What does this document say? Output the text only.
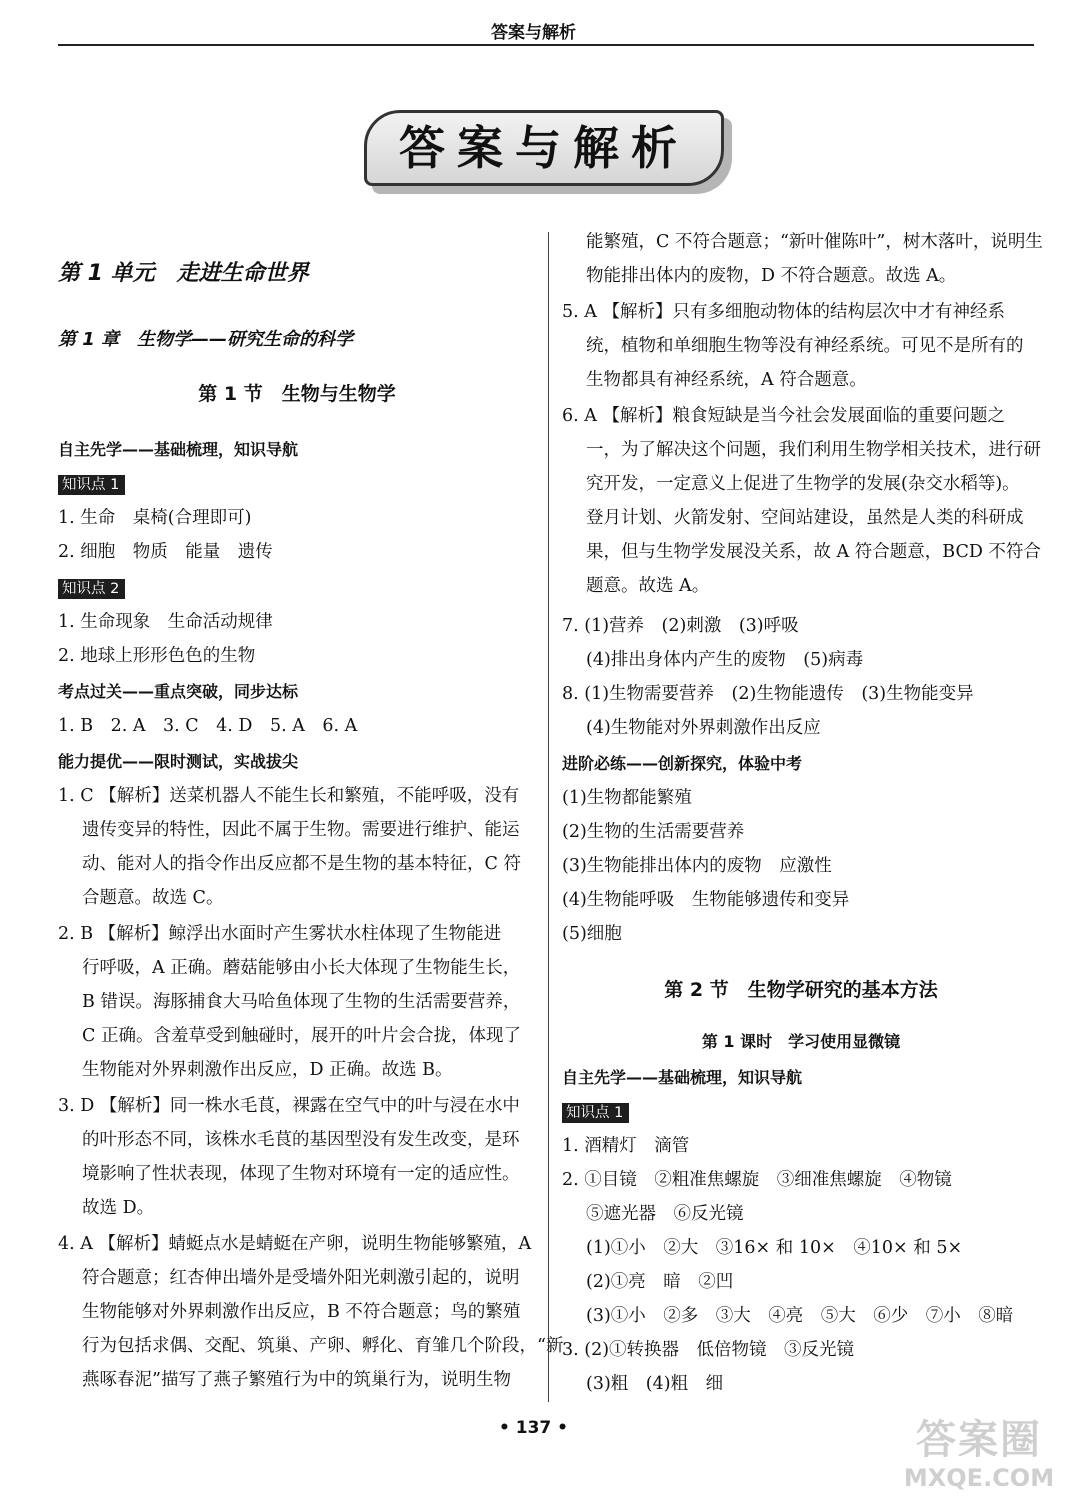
答案与解析
答案与解析
第 1 单元　走进生命世界
第 1 章　生物学——研究生命的科学
第 1 节　生物与生物学
自主先学——基础梳理，知识导航
知识点 1
1. 生命　桌椅(合理即可)
2. 细胞　物质　能量　遗传
知识点 2
1. 生命现象　生命活动规律
2. 地球上形形色色的生物
考点过关——重点突破，同步达标
1. B　2. A　3. C　4. D　5. A　6. A
能力提优——限时测试，实战拔尖
1. C 【解析】送菜机器人不能生长和繁殖，不能呼吸，没有
遗传变异的特性，因此不属于生物。需要进行维护、能运
动、能对人的指令作出反应都不是生物的基本特征，C 符
合题意。故选 C。
2. B 【解析】鲸浮出水面时产生雾状水柱体现了生物能进
行呼吸，A 正确。蘑菇能够由小长大体现了生物能生长，
B 错误。海豚捕食大马哈鱼体现了生物的生活需要营养，
C 正确。含羞草受到触碰时，展开的叶片会合拢，体现了
生物能对外界刺激作出反应，D 正确。故选 B。
3. D 【解析】同一株水毛茛，裸露在空气中的叶与浸在水中
的叶形态不同，该株水毛茛的基因型没有发生改变，是环
境影响了性状表现，体现了生物对环境有一定的适应性。
故选 D。
4. A 【解析】蜻蜓点水是蜻蜓在产卵，说明生物能够繁殖，A
符合题意；红杏伸出墙外是受墙外阳光刺激引起的，说明
生物能够对外界刺激作出反应，B 不符合题意；鸟的繁殖
行为包括求偶、交配、筑巢、产卵、孵化、育雏几个阶段，“新
燕啄春泥”描写了燕子繁殖行为中的筑巢行为，说明生物
能繁殖，C 不符合题意；“新叶催陈叶”，树木落叶，说明生
物能排出体内的废物，D 不符合题意。故选 A。
5. A 【解析】只有多细胞动物体的结构层次中才有神经系
统，植物和单细胞生物等没有神经系统。可见不是所有的
生物都具有神经系统，A 符合题意。
6. A 【解析】粮食短缺是当今社会发展面临的重要问题之
一，为了解决这个问题，我们利用生物学相关技术，进行研
究开发，一定意义上促进了生物学的发展(杂交水稻等)。
登月计划、火箭发射、空间站建设，虽然是人类的科研成
果，但与生物学发展没关系，故 A 符合题意，BCD 不符合
题意。故选 A。
7. (1)营养　(2)刺激　(3)呼吸
(4)排出身体内产生的废物　(5)病毒
8. (1)生物需要营养　(2)生物能遗传　(3)生物能变异
(4)生物能对外界刺激作出反应
进阶必练——创新探究，体验中考
(1)生物都能繁殖
(2)生物的生活需要营养
(3)生物能排出体内的废物　应激性
(4)生物能呼吸　生物能够遗传和变异
(5)细胞
第 2 节　生物学研究的基本方法
第 1 课时　学习使用显微镜
自主先学——基础梳理，知识导航
知识点 1
1. 酒精灯　滴管
2. ①目镜　②粗准焦螺旋　③细准焦螺旋　④物镜
⑤遮光器　⑥反光镜
(1)①小　②大　③16× 和 10×　④10× 和 5×
(2)①亮　暗　②凹
(3)①小　②多　③大　④亮　⑤大　⑥少　⑦小　⑧暗
3. (2)①转换器　低倍物镜　③反光镜
(3)粗　(4)粗　细
• 137 •	答案圈
MXQE.COM
